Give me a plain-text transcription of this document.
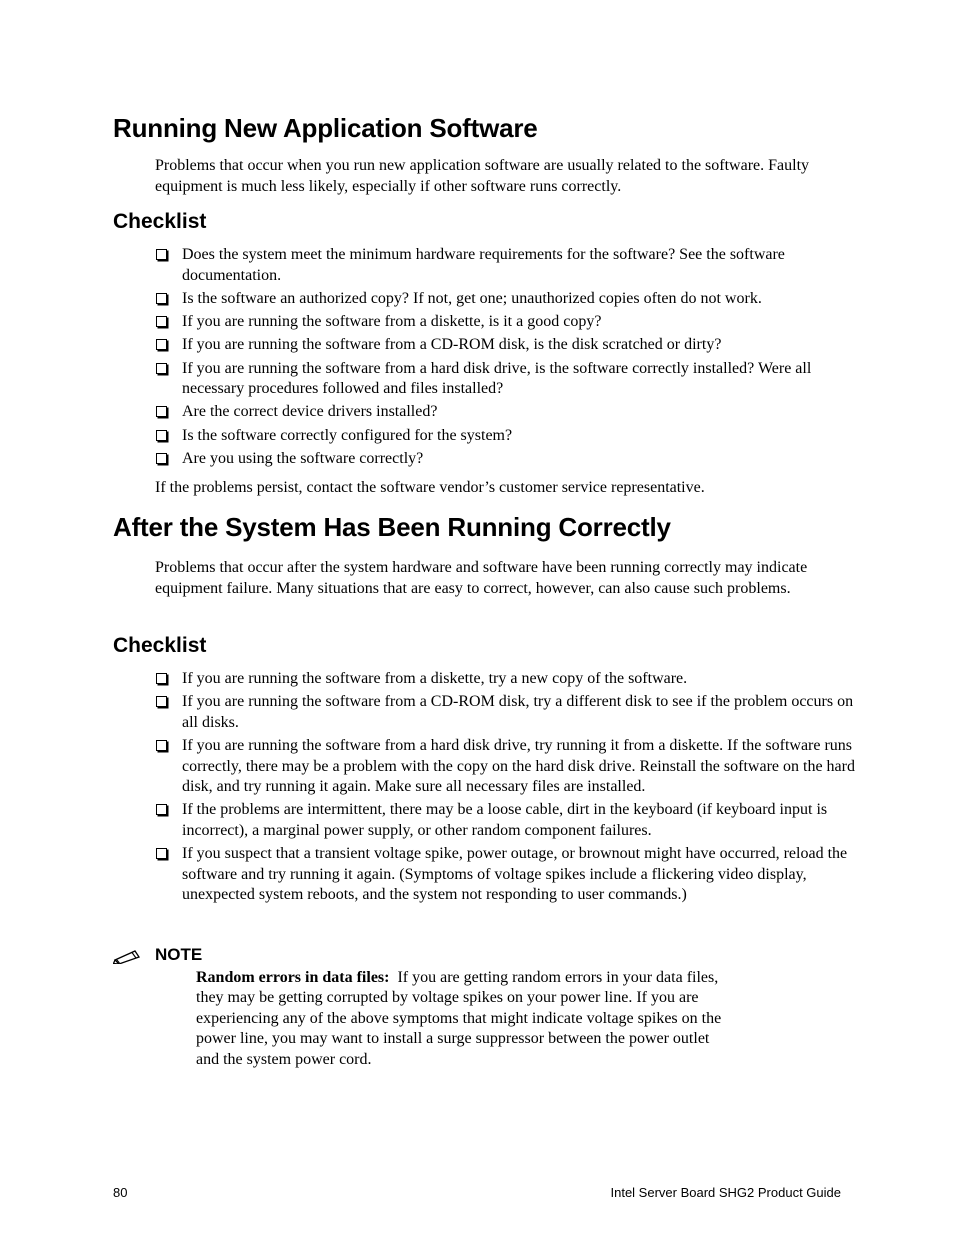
Running New Application Software

Problems that occur when you run new application software are usually related to the software. Faulty equipment is much less likely, especially if other software runs correctly.

Checklist
Does the system meet the minimum hardware requirements for the software? See the software documentation.
Is the software an authorized copy? If not, get one; unauthorized copies often do not work.
If you are running the software from a diskette, is it a good copy?
If you are running the software from a CD-ROM disk, is the disk scratched or dirty?
If you are running the software from a hard disk drive, is the software correctly installed? Were all necessary procedures followed and files installed?
Are the correct device drivers installed?
Is the software correctly configured for the system?
Are you using the software correctly?

If the problems persist, contact the software vendor’s customer service representative.

After the System Has Been Running Correctly

Problems that occur after the system hardware and software have been running correctly may indicate equipment failure. Many situations that are easy to correct, however, can also cause such problems.

Checklist
If you are running the software from a diskette, try a new copy of the software.
If you are running the software from a CD-ROM disk, try a different disk to see if the problem occurs on all disks.
If you are running the software from a hard disk drive, try running it from a diskette. If the software runs correctly, there may be a problem with the copy on the hard disk drive. Reinstall the software on the hard disk, and try running it again. Make sure all necessary files are installed.
If the problems are intermittent, there may be a loose cable, dirt in the keyboard (if keyboard input is incorrect), a marginal power supply, or other random component failures.
If you suspect that a transient voltage spike, power outage, or brownout might have occurred, reload the software and try running it again. (Symptoms of voltage spikes include a flickering video display, unexpected system reboots, and the system not responding to user commands.)

NOTE

Random errors in data files: If you are getting random errors in your data files, they may be getting corrupted by voltage spikes on your power line. If you are experiencing any of the above symptoms that might indicate voltage spikes on the power line, you may want to install a surge suppressor between the power outlet and the system power cord.

80	Intel Server Board SHG2 Product Guide
